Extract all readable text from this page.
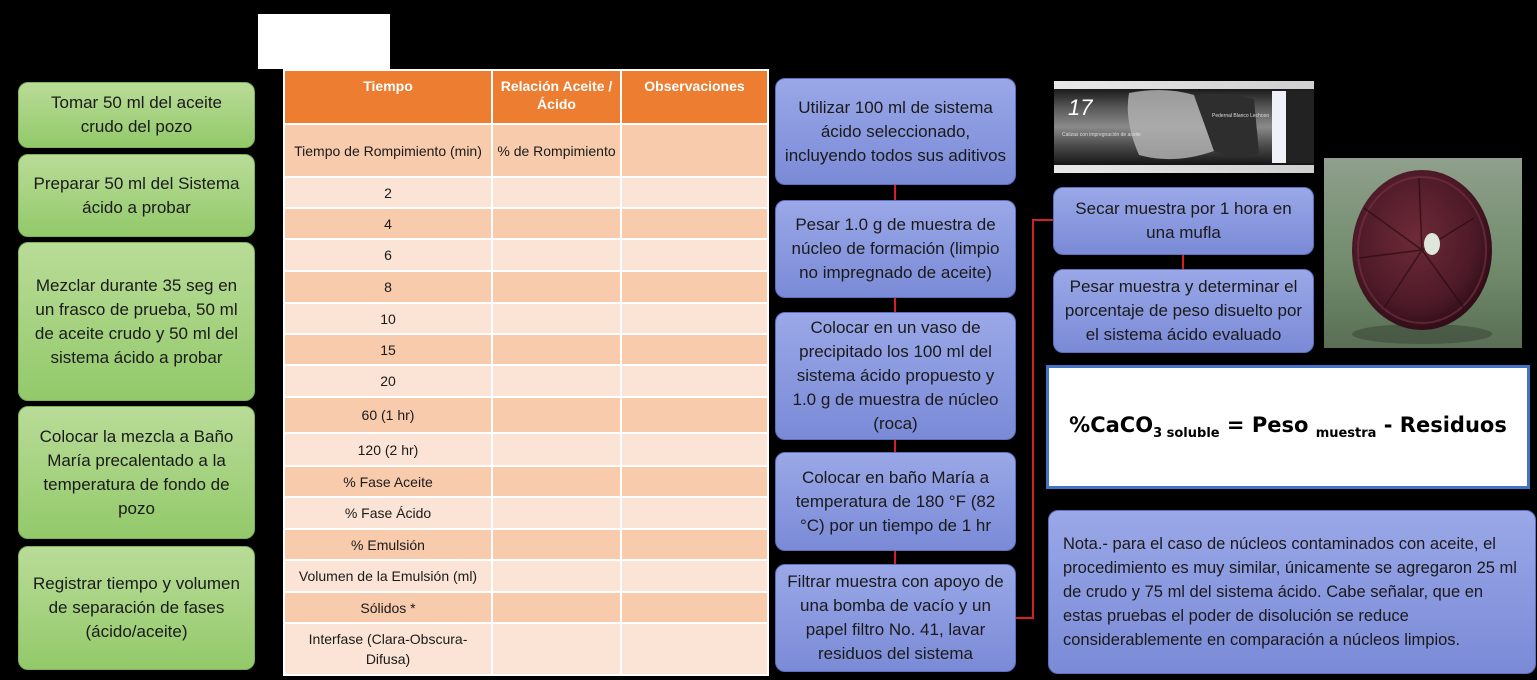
Tomar 50 ml del aceite crudo del pozo
Preparar 50 ml del Sistema ácido a probar
Mezclar durante 35 seg en un frasco de prueba, 50 ml de aceite crudo y 50 ml del sistema ácido a probar
Colocar la mezcla a Baño María precalentado a la temperatura de fondo de pozo
Registrar tiempo y volumen de separación de fases (ácido/aceite)
Tiempo	Relación Aceite / Ácido	Observaciones
Tiempo de Rompimiento (min)	% de Rompimiento	
2		
4		
6		
8		
10		
15		
20		
60 (1 hr)		
120 (2 hr)		
% Fase Aceite		
% Fase Ácido		
% Emulsión		
Volumen de la Emulsión (ml)		
Sólidos *		
Interfase (Clara-Obscura-Difusa)		
Utilizar 100 ml de sistema ácido seleccionado, incluyendo todos sus aditivos
Pesar 1.0 g de muestra de núcleo de formación (limpio no impregnado de aceite)
Colocar en un vaso de precipitado los 100 ml del sistema ácido propuesto y 1.0 g de muestra de núcleo (roca)
Colocar en baño María a temperatura de 180 °F (82 °C) por un tiempo de 1 hr
Filtrar muestra con apoyo de una bomba de vacío y un papel filtro No. 41, lavar residuos del sistema
Secar muestra por 1 hora en una mufla
Pesar muestra y determinar el porcentaje de peso disuelto por el sistema ácido evaluado
17
Calizas con impregnación de aceite
Pedernal Blanco Lechoso
%CaCO$_{3 soluble}$ = Peso $_{muestra}$ - Residuos
Nota.- para el caso de núcleos contaminados con aceite, el procedimiento es muy similar, únicamente se agregaron 25 ml de crudo y 75 ml del sistema ácido. Cabe señalar, que en estas pruebas el poder de disolución se reduce considerablemente en comparación a núcleos limpios.
